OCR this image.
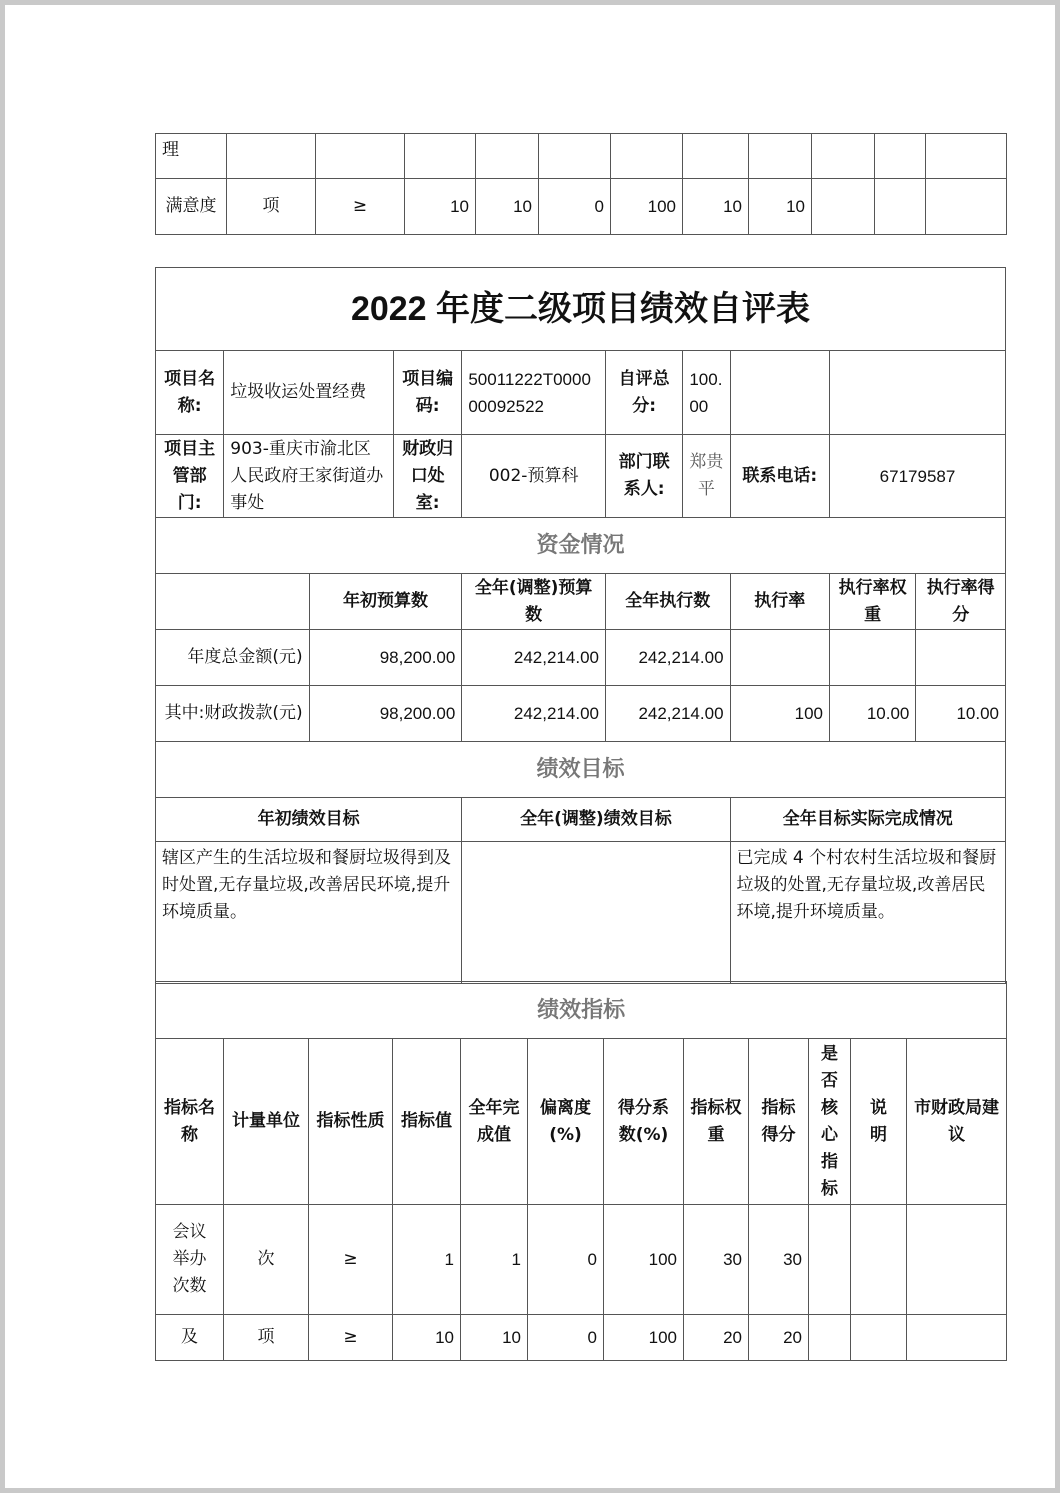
理											
满意度	项	≥	10	10	0	100	10	10			
2022 年度二级项目绩效自评表									
项目名称:	垃圾收运处置经费		项目编码:	50011222T000000092522	自评总分:	100.00			
项目主管部门:	903-重庆市渝北区人民政府王家街道办事处		财政归口处室:	002-预算科	部门联系人:	郑贵平	联系电话:	67179587	
资金情况									
		年初预算数		全年(调整)预算数	全年执行数		执行率	执行率权重	执行率得分
年度总金额(元)		98,200.00		242,214.00	242,214.00				
其中:财政拨款(元)		98,200.00		242,214.00	242,214.00		100	10.00	10.00
绩效目标									
年初绩效目标				全年(调整)绩效目标			全年目标实际完成情况		
辖区产生的生活垃圾和餐厨垃圾得到及时处置,无存量垃圾,改善居民环境,提升环境质量。							已完成 4 个村农村生活垃圾和餐厨垃圾的处置,无存量垃圾,改善居民环境,提升环境质量。		
绩效指标											
指标名称	计量单位	指标性质	指标值	全年完成值	偏离度(%)	得分系数(%)	指标权重	指标得分	是否核心指标	说明	市财政局建议
会议举办次数	次	≥	1	1	0	100	30	30			
及	项	≥	10	10	0	100	20	20			
